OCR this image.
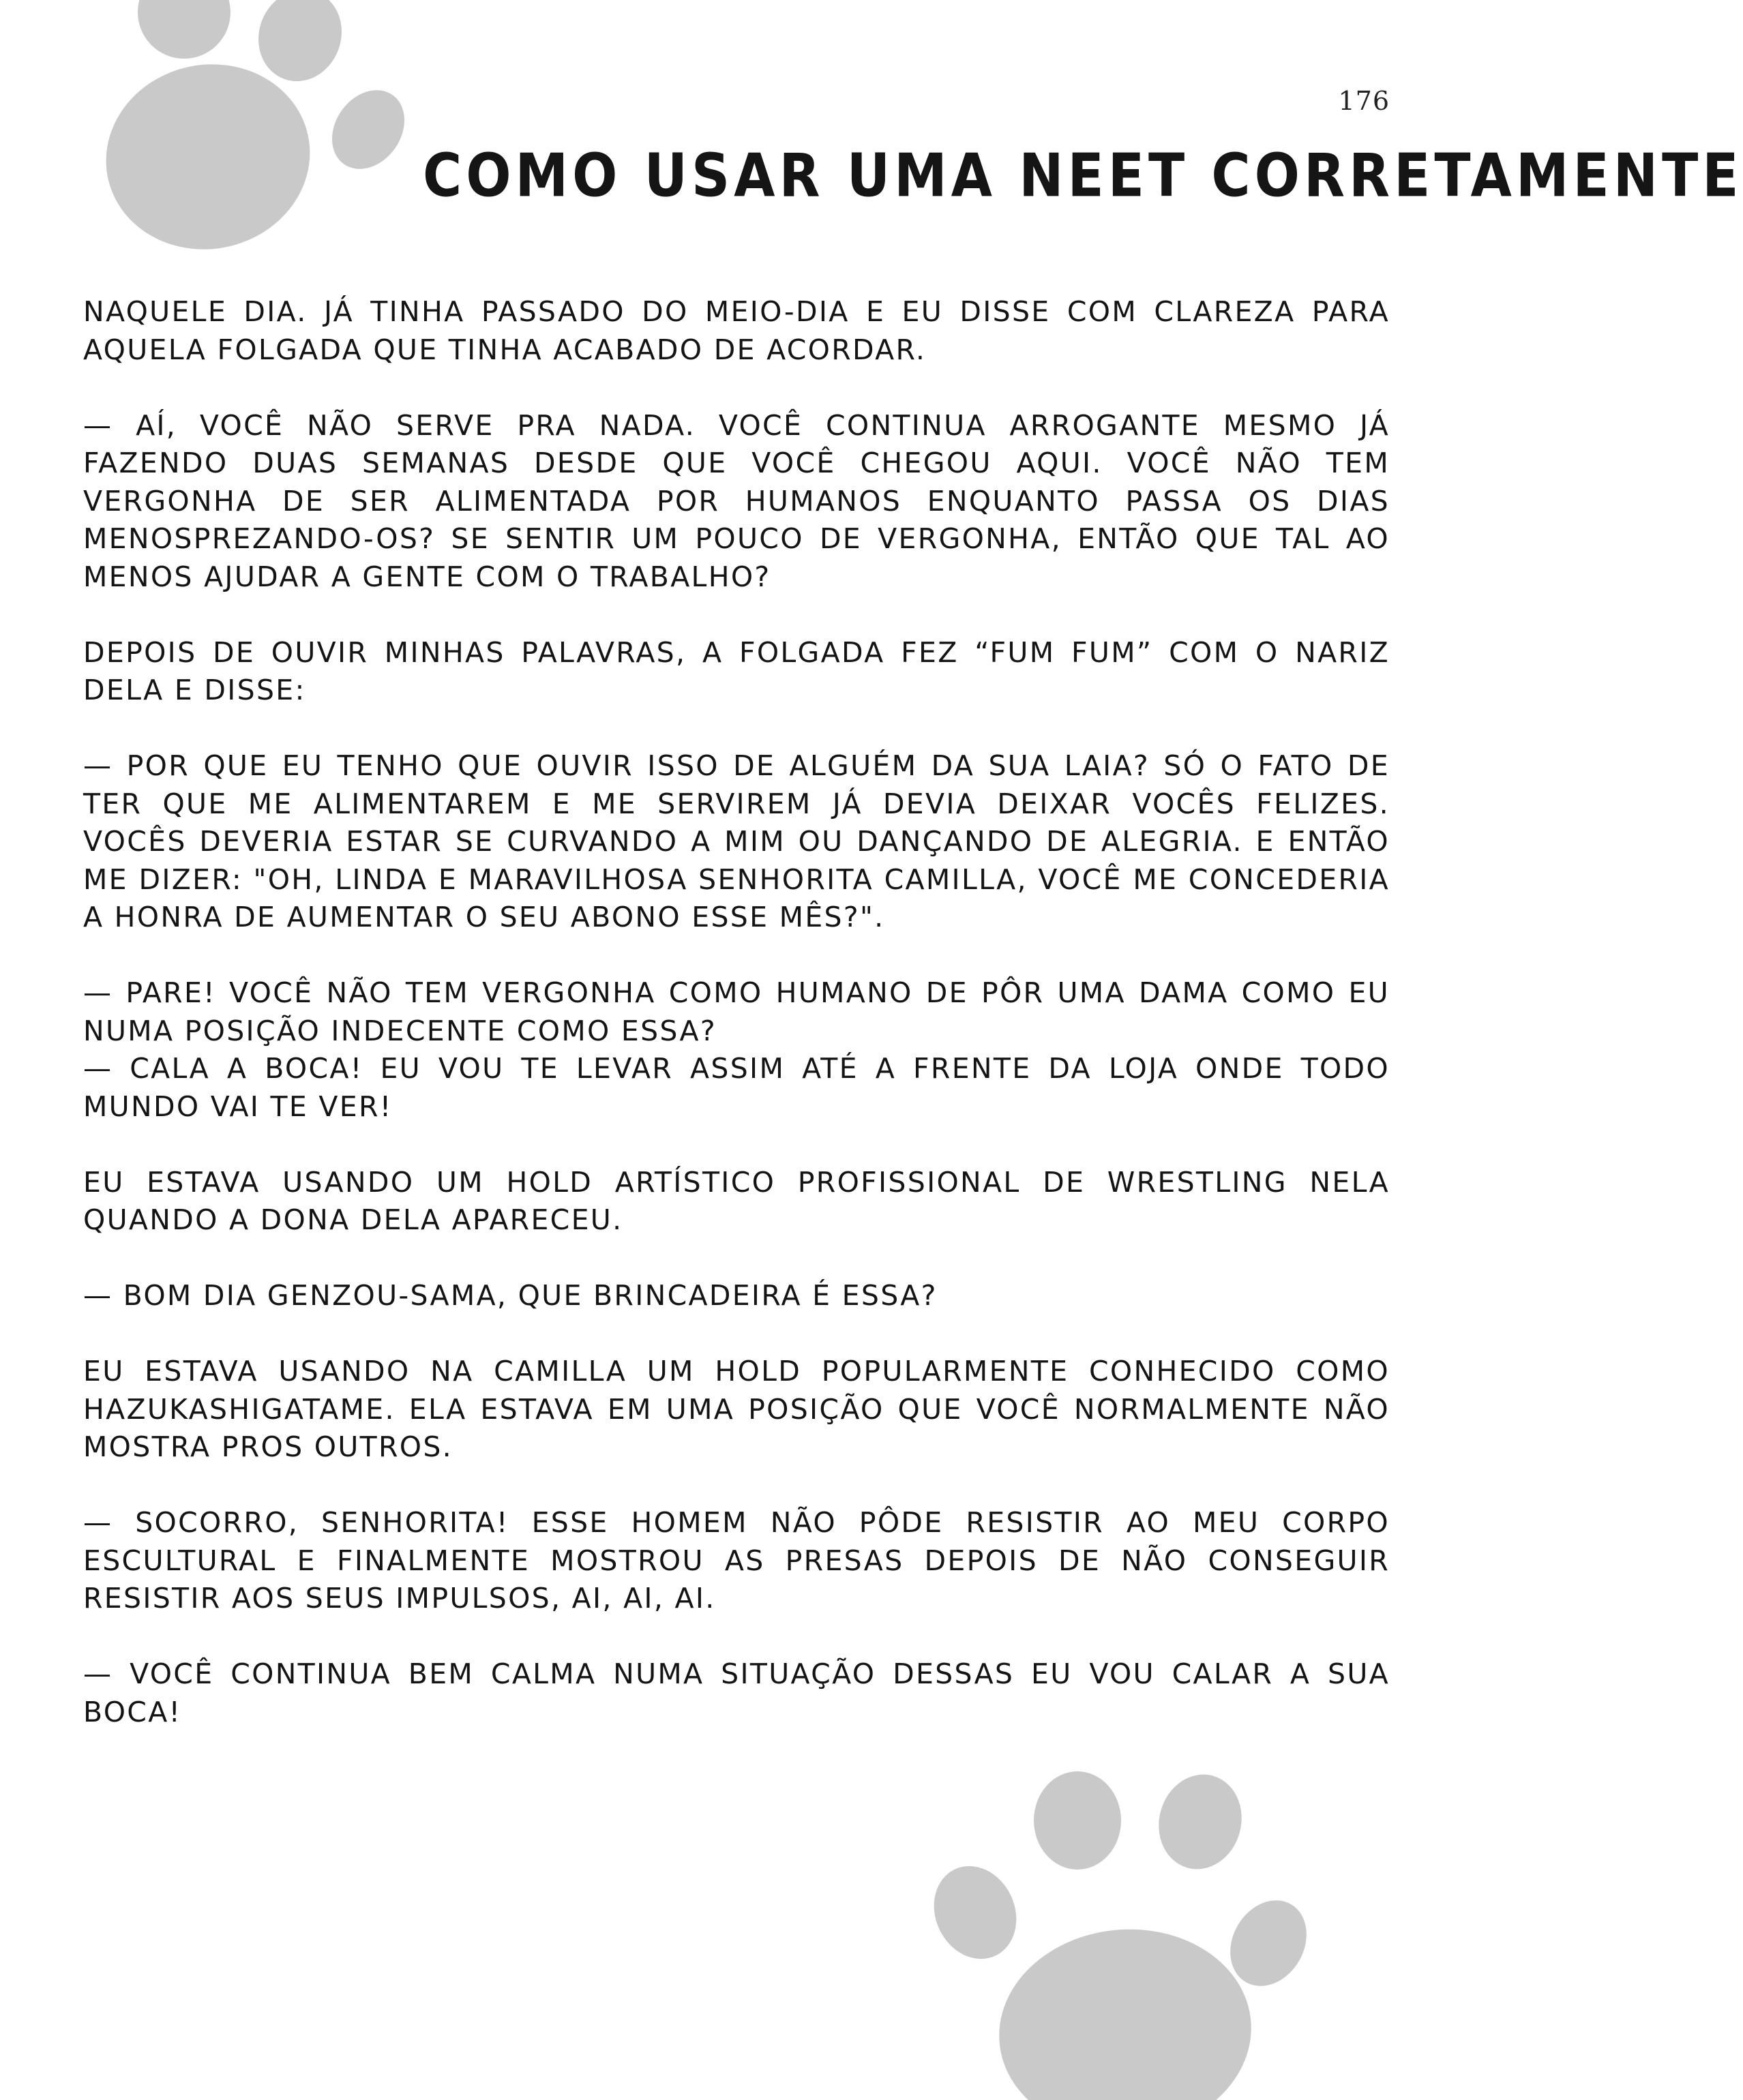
176
COMO USAR UMA NEET CORRETAMENTE

NAQUELE DIA. JÁ TINHA PASSADO DO MEIO-DIA E EU DISSE COM CLAREZA PARA AQUELA FOLGADA QUE TINHA ACABADO DE ACORDAR.

— AÍ, VOCÊ NÃO SERVE PRA NADA. VOCÊ CONTINUA ARROGANTE MESMO JÁ FAZENDO DUAS SEMANAS DESDE QUE VOCÊ CHEGOU AQUI. VOCÊ NÃO TEM VERGONHA DE SER ALIMENTADA POR HUMANOS ENQUANTO PASSA OS DIAS MENOSPREZANDO-OS? SE SENTIR UM POUCO DE VERGONHA, ENTÃO QUE TAL AO MENOS AJUDAR A GENTE COM O TRABALHO?

DEPOIS DE OUVIR MINHAS PALAVRAS, A FOLGADA FEZ “FUM FUM” COM O NARIZ DELA E DISSE:

— POR QUE EU TENHO QUE OUVIR ISSO DE ALGUÉM DA SUA LAIA? SÓ O FATO DE TER QUE ME ALIMENTAREM E ME SERVIREM JÁ DEVIA DEIXAR VOCÊS FELIZES. VOCÊS DEVERIA ESTAR SE CURVANDO A MIM OU DANÇANDO DE ALEGRIA. E ENTÃO ME DIZER: "OH, LINDA E MARAVILHOSA SENHORITA CAMILLA, VOCÊ ME CONCEDERIA A HONRA DE AUMENTAR O SEU ABONO ESSE MÊS?".

— PARE! VOCÊ NÃO TEM VERGONHA COMO HUMANO DE PÔR UMA DAMA COMO EU NUMA POSIÇÃO INDECENTE COMO ESSA?

— CALA A BOCA! EU VOU TE LEVAR ASSIM ATÉ A FRENTE DA LOJA ONDE TODO MUNDO VAI TE VER!

EU ESTAVA USANDO UM HOLD ARTÍSTICO PROFISSIONAL DE WRESTLING NELA QUANDO A DONA DELA APARECEU.

— BOM DIA GENZOU-SAMA, QUE BRINCADEIRA É ESSA?

EU ESTAVA USANDO NA CAMILLA UM HOLD POPULARMENTE CONHECIDO COMO HAZUKASHIGATAME. ELA ESTAVA EM UMA POSIÇÃO QUE VOCÊ NORMALMENTE NÃO MOSTRA PROS OUTROS.

— SOCORRO, SENHORITA! ESSE HOMEM NÃO PÔDE RESISTIR AO MEU CORPO ESCULTURAL E FINALMENTE MOSTROU AS PRESAS DEPOIS DE NÃO CONSEGUIR RESISTIR AOS SEUS IMPULSOS, AI, AI, AI.

— VOCÊ CONTINUA BEM CALMA NUMA SITUAÇÃO DESSAS EU VOU CALAR A SUA BOCA!
